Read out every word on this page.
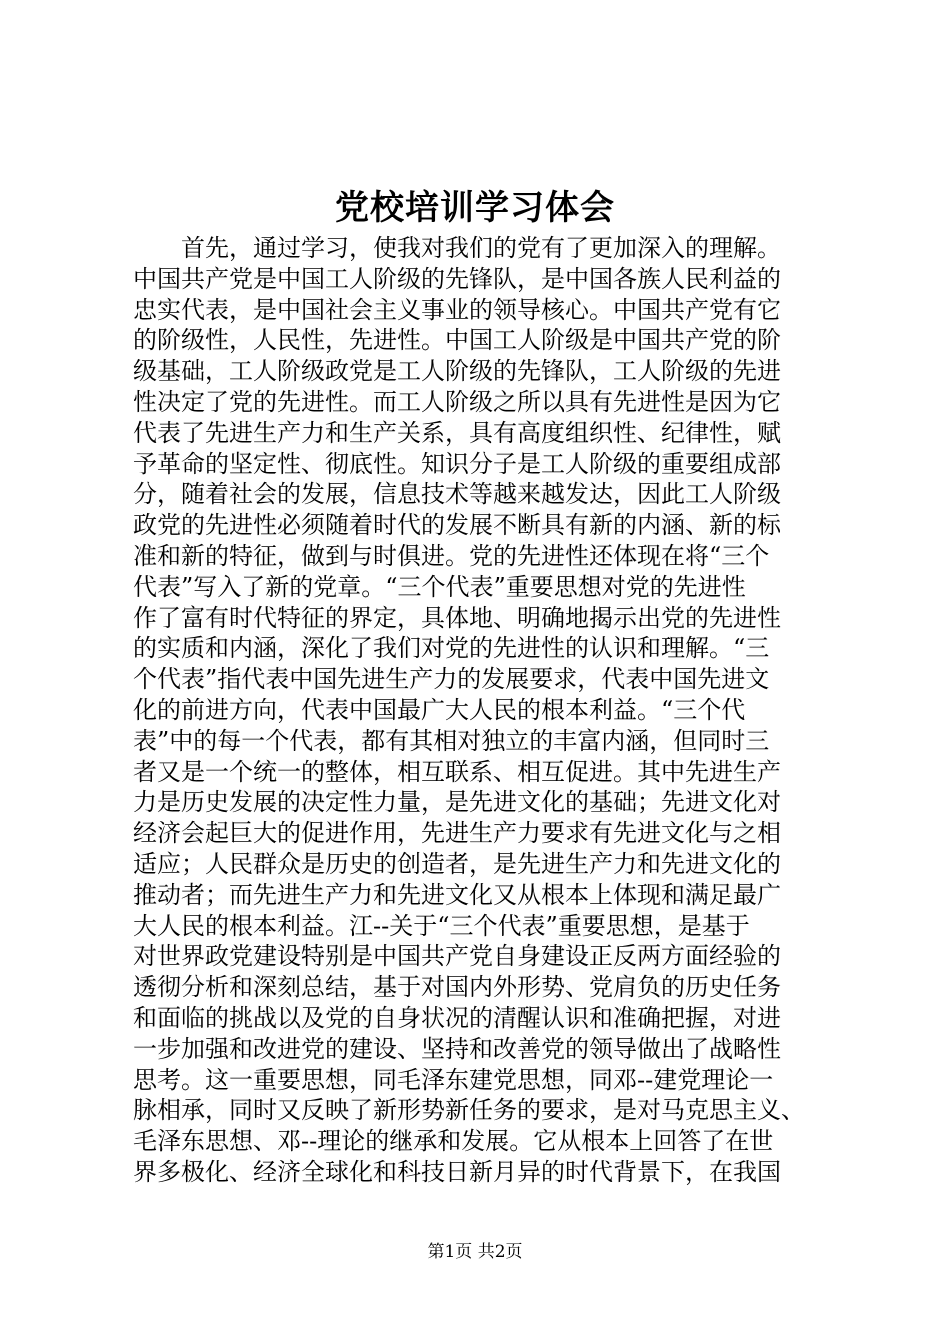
党校培训学习体会
首先，通过学习，使我对我们的党有了更加深入的理解。
中国共产党是中国工人阶级的先锋队，是中国各族人民利益的
忠实代表，是中国社会主义事业的领导核心。中国共产党有它
的阶级性，人民性，先进性。中国工人阶级是中国共产党的阶
级基础，工人阶级政党是工人阶级的先锋队，工人阶级的先进
性决定了党的先进性。而工人阶级之所以具有先进性是因为它
代表了先进生产力和生产关系，具有高度组织性、纪律性，赋
予革命的坚定性、彻底性。知识分子是工人阶级的重要组成部
分，随着社会的发展，信息技术等越来越发达，因此工人阶级
政党的先进性必须随着时代的发展不断具有新的内涵、新的标
准和新的特征，做到与时俱进。党的先进性还体现在将“三个
代表”写入了新的党章。“三个代表”重要思想对党的先进性
作了富有时代特征的界定，具体地、明确地揭示出党的先进性
的实质和内涵，深化了我们对党的先进性的认识和理解。“三
个代表”指代表中国先进生产力的发展要求，代表中国先进文
化的前进方向，代表中国最广大人民的根本利益。“三个代
表”中的每一个代表，都有其相对独立的丰富内涵，但同时三
者又是一个统一的整体，相互联系、相互促进。其中先进生产
力是历史发展的决定性力量，是先进文化的基础；先进文化对
经济会起巨大的促进作用，先进生产力要求有先进文化与之相
适应；人民群众是历史的创造者，是先进生产力和先进文化的
推动者；而先进生产力和先进文化又从根本上体现和满足最广
大人民的根本利益。江--关于“三个代表”重要思想，是基于
对世界政党建设特别是中国共产党自身建设正反两方面经验的
透彻分析和深刻总结，基于对国内外形势、党肩负的历史任务
和面临的挑战以及党的自身状况的清醒认识和准确把握，对进
一步加强和改进党的建设、坚持和改善党的领导做出了战略性
思考。这一重要思想，同毛泽东建党思想，同邓--建党理论一
脉相承，同时又反映了新形势新任务的要求，是对马克思主义、
毛泽东思想、邓--理论的继承和发展。它从根本上回答了在世
界多极化、经济全球化和科技日新月异的时代背景下，在我国
第1页 共2页
